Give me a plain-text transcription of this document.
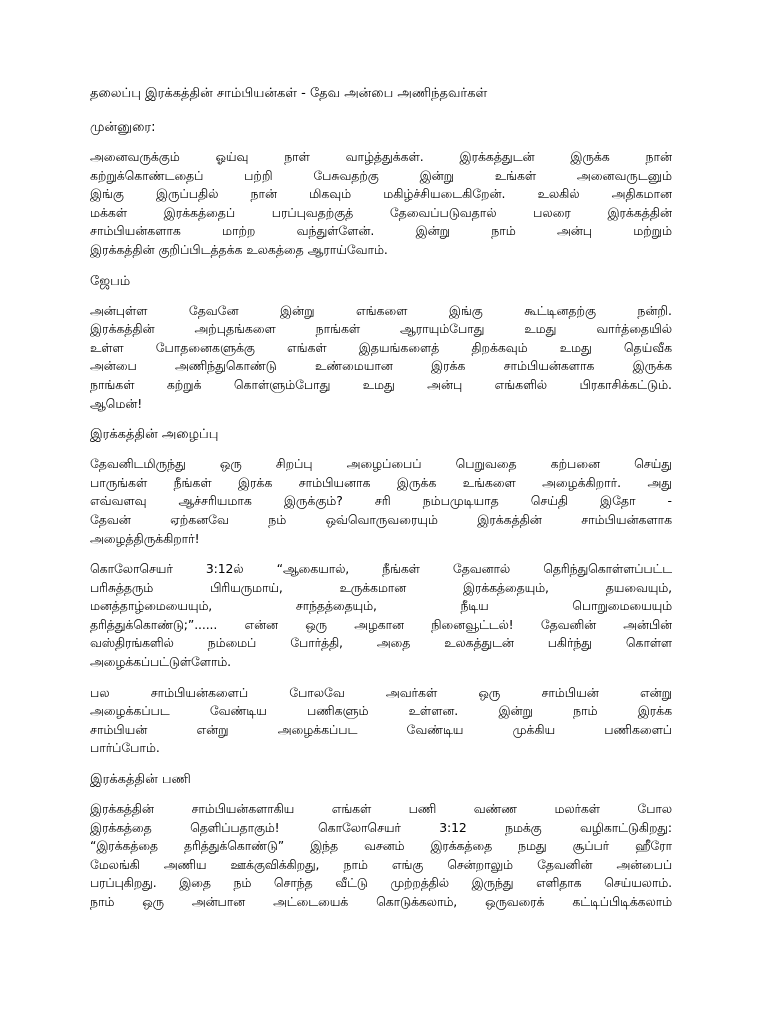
தலைப்பு இரக்கத்தின் சாம்பியன்கள் - தேவ அன்பை அணிந்தவர்கள்
முன்னுரை:
அனைவருக்கும் ஓய்வு நாள் வாழ்த்துக்கள். இரக்கத்துடன் இருக்க நான்
கற்றுக்கொண்டதைப் பற்றி பேசுவதற்கு இன்று உங்கள் அனைவருடனும்
இங்கு இருப்பதில் நான் மிகவும் மகிழ்ச்சியடைகிறேன். உலகில் அதிகமான
மக்கள் இரக்கத்தைப் பரப்புவதற்குத் தேவைப்படுவதால் பலரை இரக்கத்தின்
சாம்பியன்களாக மாற்ற வந்துள்ளேன். இன்று நாம் அன்பு மற்றும்
இரக்கத்தின் குறிப்பிடத்தக்க உலகத்தை ஆராய்வோம்.
ஜேபம்
அன்புள்ள தேவனே இன்று எங்களை இங்கு கூட்டினதற்கு நன்றி.
இரக்கத்தின் அற்புதங்களை நாங்கள் ஆராயும்போது உமது வார்த்தையில்
உள்ள போதனைகளுக்கு எங்கள் இதயங்களைத் திறக்கவும் உமது தெய்வீக
அன்பை அணிந்துகொண்டு உண்மையான இரக்க சாம்பியன்களாக இருக்க
நாங்கள் கற்றுக் கொள்ளும்போது உமது அன்பு எங்களில் பிரகாசிக்கட்டும்.
ஆமென்!
இரக்கத்தின் அழைப்பு
தேவனிடமிருந்து ஒரு சிறப்பு அழைப்பைப் பெறுவதை கற்பனை செய்து
பாருங்கள் நீங்கள் இரக்க சாம்பியனாக இருக்க உங்களை அழைக்கிறார். அது
எவ்வளவு ஆச்சரியமாக இருக்கும்? சரி நம்பமுடியாத செய்தி இதோ -
தேவன் ஏற்கனவே நம் ஒவ்வொருவரையும் இரக்கத்தின் சாம்பியன்களாக
அழைத்திருக்கிறார்!
கொலோசெயர் 3:12ல் “ஆகையால், நீங்கள் தேவனால் தெரிந்துகொள்ளப்பட்ட
பரிசுத்தரும் பிரியருமாய், உருக்கமான இரக்கத்தையும், தயவையும்,
மனத்தாழ்மையையும், சாந்தத்தையும், நீடிய பொறுமையையும்
தரித்துக்கொண்டு;”...... என்ன ஒரு அழகான நினைவூட்டல்! தேவனின் அன்பின்
வஸ்திரங்களில் நம்மைப் போர்த்தி, அதை உலகத்துடன் பகிர்ந்து கொள்ள
அழைக்கப்பட்டுள்ளோம்.
பல சாம்பியன்களைப் போலவே அவர்கள் ஒரு சாம்பியன் என்று
அழைக்கப்பட வேண்டிய பணிகளும் உள்ளன. இன்று நாம் இரக்க
சாம்பியன் என்று அழைக்கப்பட வேண்டிய முக்கிய பணிகளைப்
பார்ப்போம்.
இரக்கத்தின் பணி
இரக்கத்தின் சாம்பியன்களாகிய எங்கள் பணி வண்ண மலர்கள் போல
இரக்கத்தை தெளிப்பதாகும்! கொலோசெயர் 3:12 நமக்கு வழிகாட்டுகிறது:
“இரக்கத்தை தரித்துக்கொண்டு” இந்த வசனம் இரக்கத்தை நமது சூப்பர் ஹீரோ
மேலங்கி அணிய ஊக்குவிக்கிறது, நாம் எங்கு சென்றாலும் தேவனின் அன்பைப்
பரப்புகிறது. இதை நம் சொந்த வீட்டு முற்றத்தில் இருந்து எளிதாக செய்யலாம்.
நாம் ஒரு அன்பான அட்டையைக் கொடுக்கலாம், ஒருவரைக் கட்டிப்பிடிக்கலாம்
